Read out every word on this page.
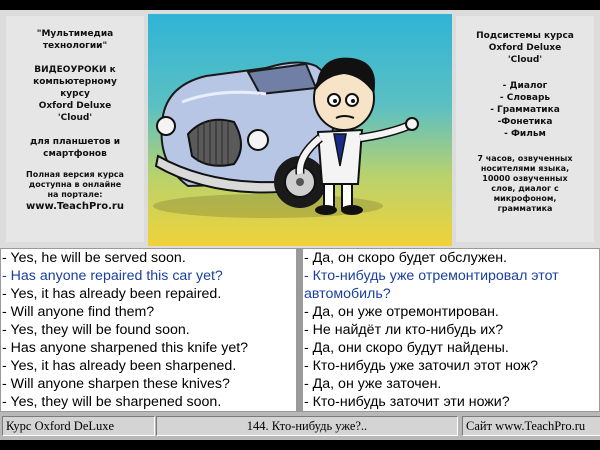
"Мультимедиа
технологии"
ВИДЕОУРОКИ к
компьютерному
курсу
Oxford Deluxe
'Cloud'
для планшетов и
смартфонов
Полная версия курса
доступна в онлайне
на портале:
www.TeachPro.ru
Подсистемы курса
Oxford Deluxe
'Cloud'
- Диалог
- Словарь
- Грамматика
-Фонетика
- Фильм
7 часов, озвученных
носителями языка,
10000 озвученных
слов, диалог с
микрофоном,
грамматика
- Yes, he will be served soon.
- Has anyone repaired this car yet?
- Yes, it has already been repaired.
- Will anyone find them?
- Yes, they will be found soon.
- Has anyone sharpened this knife yet?
- Yes, it has already been sharpened.
- Will anyone sharpen these knives?
- Yes, they will be sharpened soon.
- Да, он скоро будет обслужен.
- Кто-нибудь уже отремонтировал этот автомобиль?
- Да, он уже отремонтирован.
- Не найдёт ли кто-нибудь их?
- Да, они скоро будут найдены.
- Кто-нибудь уже заточил этот нож?
- Да, он уже заточен.
- Кто-нибудь заточит эти ножи?
Курс Oxford DeLuxe	144. Кто-нибудь уже?..	Сайт www.TeachPro.ru
